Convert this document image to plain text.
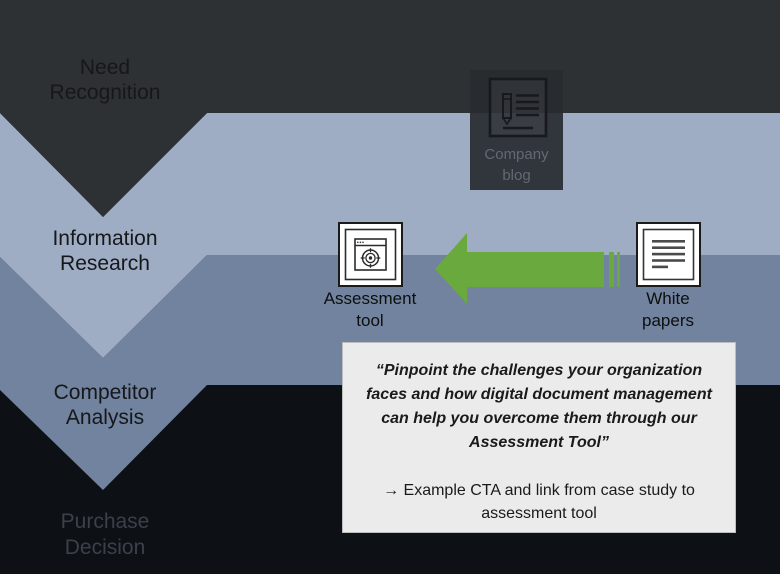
Need Recognition
Information Research
Competitor Analysis
Purchase Decision
Company blog
Assessment tool
White papers
“Pinpoint the challenges your organization
faces and how digital document management
can help you overcome them through our
Assessment Tool”
→ Example CTA and link from case study to
assessment tool
